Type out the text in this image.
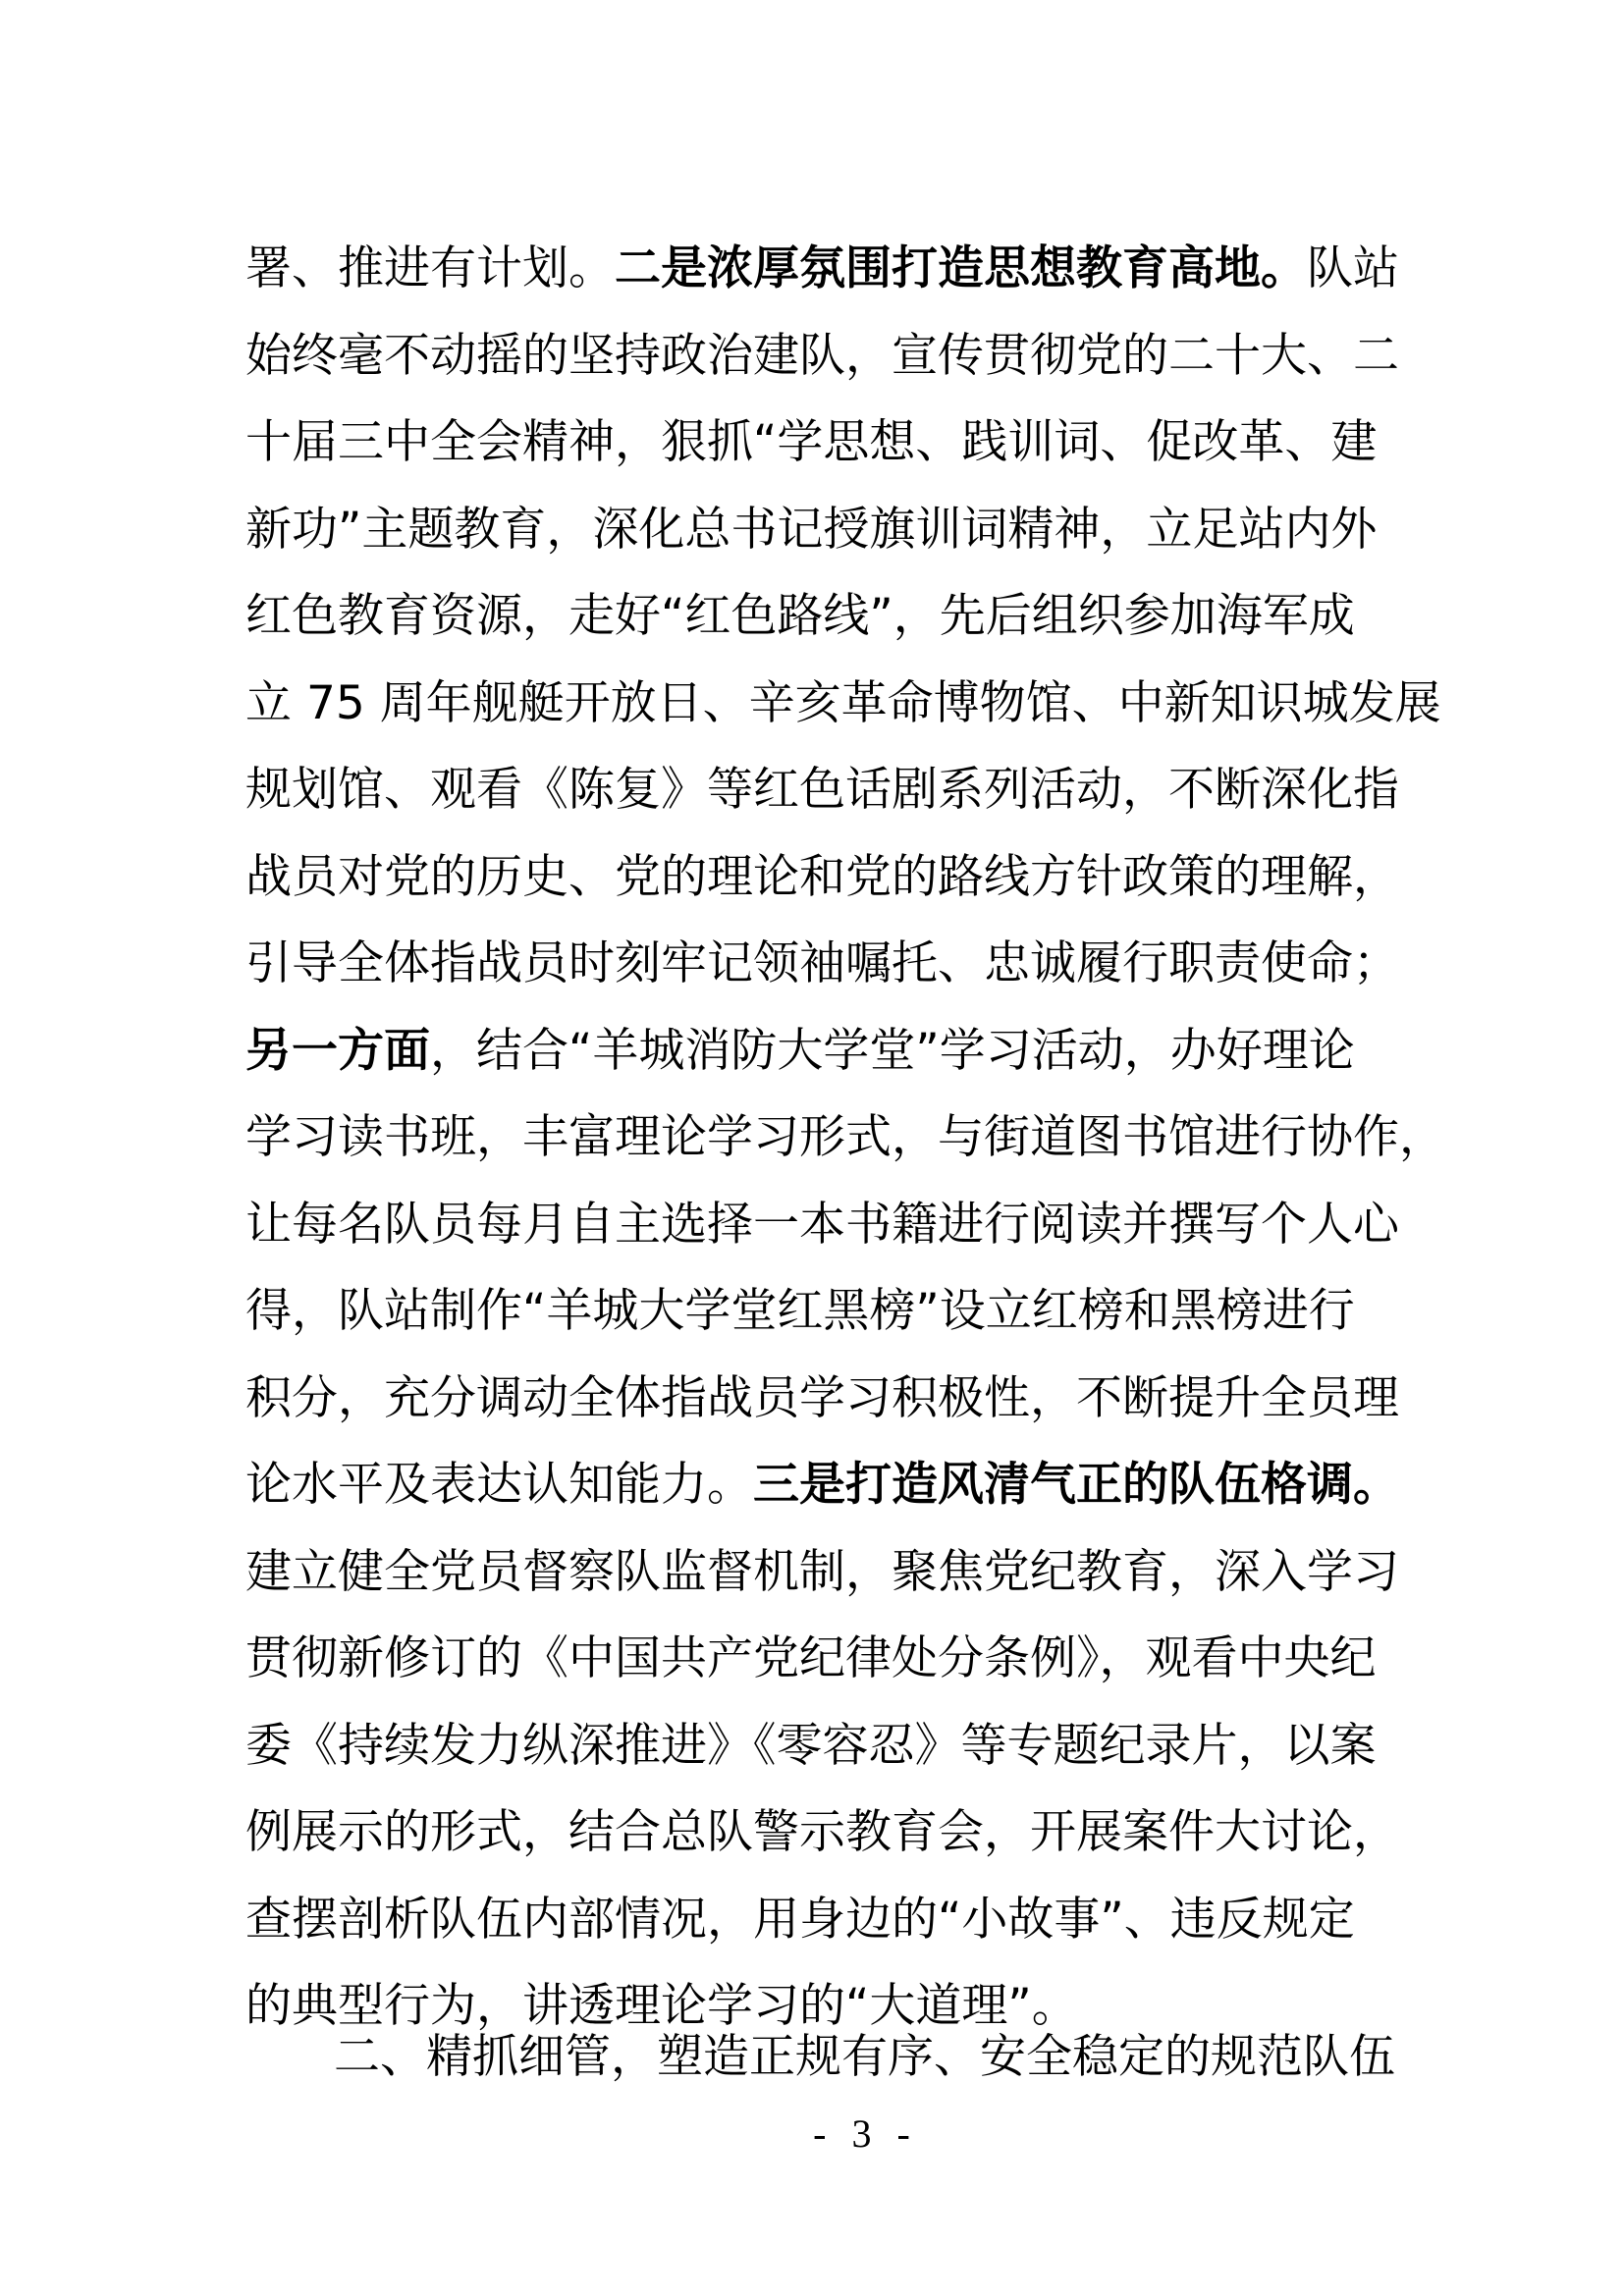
署、推进有计划。二是浓厚氛围打造思想教育高地。队站
始终毫不动摇的坚持政治建队，宣传贯彻党的二十大、二
十届三中全会精神，狠抓“学思想、践训词、促改革、建
新功”主题教育，深化总书记授旗训词精神，立足站内外
红色教育资源，走好“红色路线”，先后组织参加海军成
立 75 周年舰艇开放日、辛亥革命博物馆、中新知识城发展
规划馆、观看《陈复》等红色话剧系列活动，不断深化指
战员对党的历史、党的理论和党的路线方针政策的理解，
引导全体指战员时刻牢记领袖嘱托、忠诚履行职责使命；
另一方面，结合“羊城消防大学堂”学习活动，办好理论
学习读书班，丰富理论学习形式，与街道图书馆进行协作，
让每名队员每月自主选择一本书籍进行阅读并撰写个人心
得，队站制作“羊城大学堂红黑榜”设立红榜和黑榜进行
积分，充分调动全体指战员学习积极性，不断提升全员理
论水平及表达认知能力。三是打造风清气正的队伍格调。
建立健全党员督察队监督机制，聚焦党纪教育，深入学习
贯彻新修订的《中国共产党纪律处分条例》，观看中央纪
委《持续发力纵深推进》《零容忍》等专题纪录片，以案
例展示的形式，结合总队警示教育会，开展案件大讨论，
查摆剖析队伍内部情况，用身边的“小故事”、违反规定
的典型行为，讲透理论学习的“大道理”。
二、精抓细管，塑造正规有序、安全稳定的规范队伍
- 3 -
